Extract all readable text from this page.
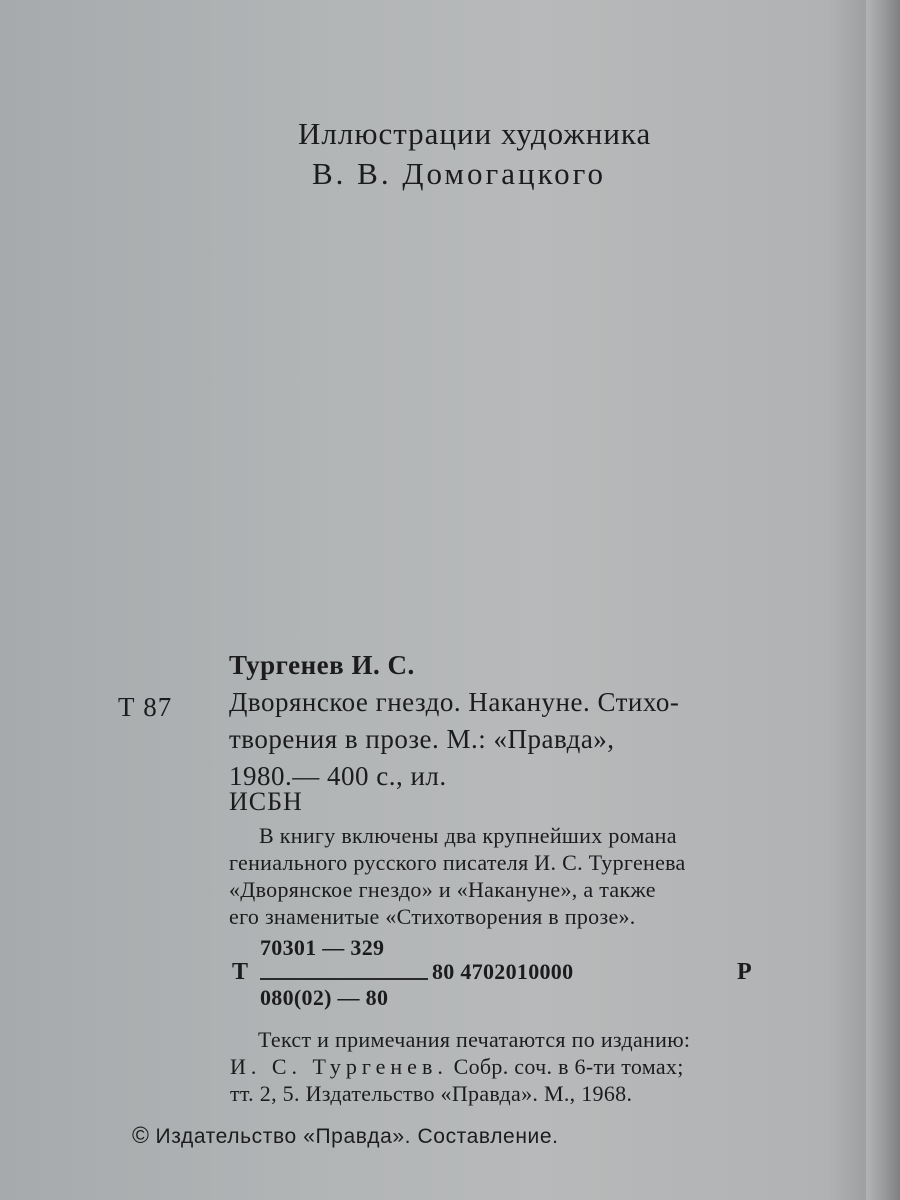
Иллюстрации художника
В. В. Домогацкого
Тургенев И. С.
Т 87 Дворянское гнездо. Накануне. Стихо-
творения в прозе. М.: «Правда»,
1980.— 400 с., ил.
ИСБН
В книгу включены два крупнейших романа
гениального русского писателя И. С. Тургенева
«Дворянское гнездо» и «Накануне», а также
его знаменитые «Стихотворения в прозе».
Т
70301 — 329
080(02) — 80
80 4702010000	Р
Текст и примечания печатаются по изданию:
И. С. Тургенев. Собр. соч. в 6-ти томах;
тт. 2, 5. Издательство «Правда». М., 1968.
© Издательство «Правда». Составление.
